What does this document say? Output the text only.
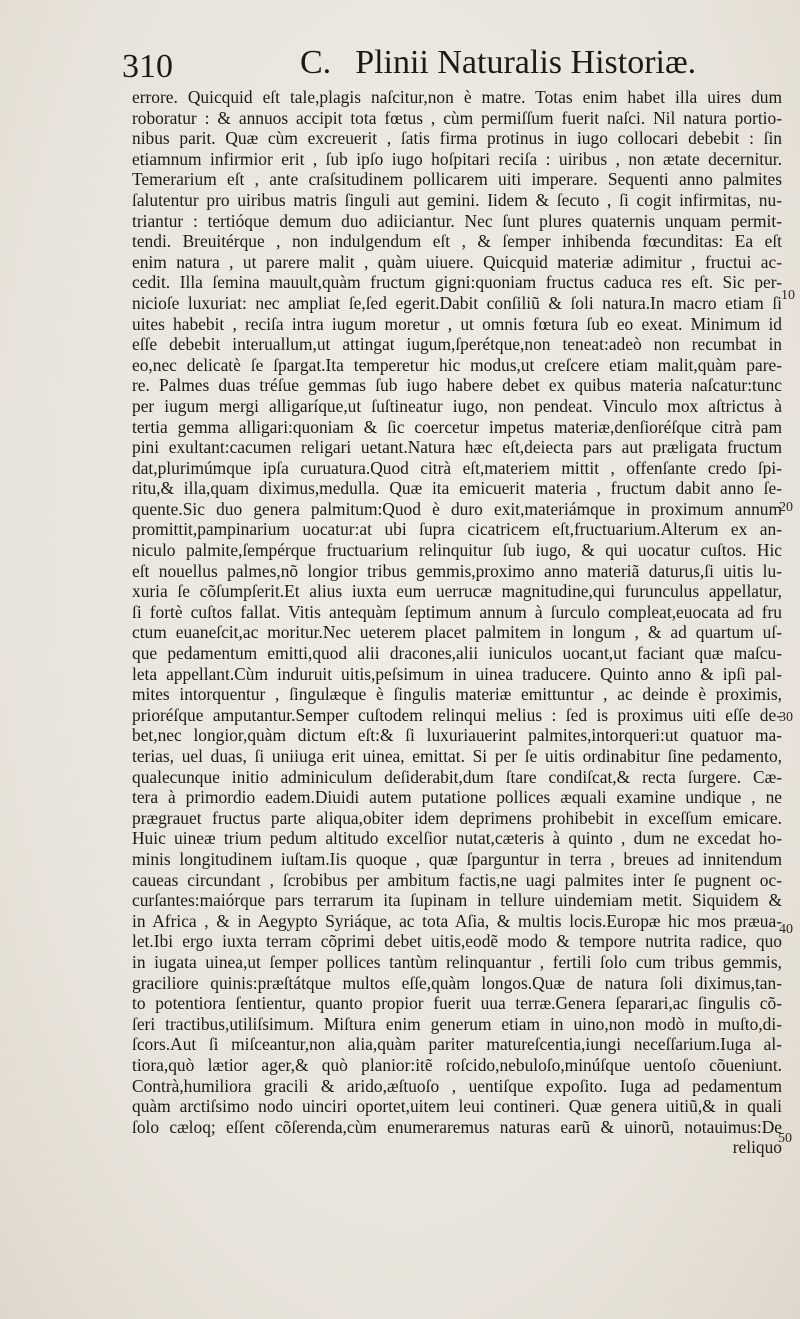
310	C. Plinii Naturalis Historiæ.
errore. Quicquid eſt tale,plagis naſcitur,non è matre. Totas enim habet illa uires dum
roboratur : & annuos accipit tota fœtus , cùm permiſſum fuerit naſci. Nil natura portio-
nibus parit. Quæ cùm excreuerit , ſatis firma protinus in iugo collocari debebit : ſin
etiamnum infirmior erit , ſub ipſo iugo hoſpitari reciſa : uiribus , non ætate decernitur.
Temerarium eſt , ante craſsitudinem pollicarem uiti imperare. Sequenti anno palmites
ſalutentur pro uiribus matris ſinguli aut gemini. Iidem & ſecuto , ſi cogit infirmitas, nu-
triantur : tertióque demum duo adiiciantur. Nec ſunt plures quaternis unquam permit-
tendi. Breuitérque , non indulgendum eſt , & ſemper inhibenda fœcunditas: Ea eſt
enim natura , ut parere malit , quàm uiuere. Quicquid materiæ adimitur , fructui ac-
cedit. Illa ſemina mauult,quàm fructum gigni:quoniam fructus caduca res eſt. Sic per-
nicioſe luxuriat: nec ampliat ſe,ſed egerit.Dabit conſiliũ & ſoli natura.In macro etiam ſi
uites habebit , reciſa intra iugum moretur , ut omnis fœtura ſub eo exeat. Minimum id
eſſe debebit interuallum,ut attingat iugum,ſperétque,non teneat:adeò non recumbat in
eo,nec delicatè ſe ſpargat.Ita temperetur hic modus,ut creſcere etiam malit,quàm pare-
re. Palmes duas tréſue gemmas ſub iugo habere debet ex quibus materia naſcatur:tunc
per iugum mergi alligaríque,ut ſuſtineatur iugo, non pendeat. Vinculo mox aſtrictus à
tertia gemma alligari:quoniam & ſic coercetur impetus materiæ,denſioréſque citrà pam
pini exultant:cacumen religari uetant.Natura hæc eſt,deiecta pars aut præligata fructum
dat,plurimúmque ipſa curuatura.Quod citrà eſt,materiem mittit , offenſante credo ſpi-
ritu,& illa,quam diximus,medulla. Quæ ita emicuerit materia , fructum dabit anno ſe-
quente.Sic duo genera palmitum:Quod è duro exit,materiámque in proximum annum
promittit,pampinarium uocatur:at ubi ſupra cicatricem eſt,fructuarium.Alterum ex an-
niculo palmite,ſempérque fructuarium relinquitur ſub iugo, & qui uocatur cuſtos. Hic
eſt nouellus palmes,nõ longior tribus gemmis,proximo anno materiã daturus,ſi uitis lu-
xuria ſe cõſumpſerit.Et alius iuxta eum uerrucæ magnitudine,qui furunculus appellatur,
ſi fortè cuſtos fallat. Vitis antequàm ſeptimum annum à ſurculo compleat,euocata ad fru
ctum euaneſcit,ac moritur.Nec ueterem placet palmitem in longum , & ad quartum uſ-
que pedamentum emitti,quod alii dracones,alii iuniculos uocant,ut faciant quæ maſcu-
leta appellant.Cùm induruit uitis,peſsimum in uinea traducere. Quinto anno & ipſi pal-
mites intorquentur , ſingulæque è ſingulis materiæ emittuntur , ac deinde è proximis,
prioréſque amputantur.Semper cuſtodem relinqui melius : ſed is proximus uiti eſſe de-
bet,nec longior,quàm dictum eſt:& ſi luxuriauerint palmites,intorqueri:ut quatuor ma-
terias, uel duas, ſi uniiuga erit uinea, emittat. Si per ſe uitis ordinabitur ſine pedamento,
qualecunque initio adminiculum deſiderabit,dum ſtare condiſcat,& recta ſurgere. Cæ-
tera à primordio eadem.Diuidi autem putatione pollices æquali examine undique , ne
prægrauet fructus parte aliqua,obiter idem deprimens prohibebit in exceſſum emicare.
Huic uineæ trium pedum altitudo excelſior nutat,cæteris à quinto , dum ne excedat ho-
minis longitudinem iuſtam.Iis quoque , quæ ſparguntur in terra , breues ad innitendum
caueas circundant , ſcrobibus per ambitum factis,ne uagi palmites inter ſe pugnent oc-
curſantes:maiórque pars terrarum ita ſupinam in tellure uindemiam metit. Siquidem &
in Africa , & in Aegypto Syriáque, ac tota Aſia, & multis locis.Europæ hic mos præua-
let.Ibi ergo iuxta terram cõprimi debet uitis,eodẽ modo & tempore nutrita radice, quo
in iugata uinea,ut ſemper pollices tantùm relinquantur , fertili ſolo cum tribus gemmis,
graciliore quinis:præſtátque multos eſſe,quàm longos.Quæ de natura ſoli diximus,tan-
to potentiora ſentientur, quanto propior fuerit uua terræ.Genera ſeparari,ac ſingulis cõ-
ſeri tractibus,utiliſsimum. Miſtura enim generum etiam in uino,non modò in muſto,di-
ſcors.Aut ſi miſceantur,non alia,quàm pariter matureſcentia,iungi neceſſarium.Iuga al-
tiora,quò lætior ager,& quò planior:itẽ roſcido,nebuloſo,minúſque uentoſo cõueniunt.
Contrà,humiliora gracili & arido,æſtuoſo , uentiſque expoſito. Iuga ad pedamentum
quàm arctiſsimo nodo uinciri oportet,uitem leui contineri. Quæ genera uitiũ,& in quali
ſolo cæloq; eſſent cõſerenda,cùm enumeraremus naturas earũ & uinorũ, notauimus:De
reliquo
10
20
30
40
50
